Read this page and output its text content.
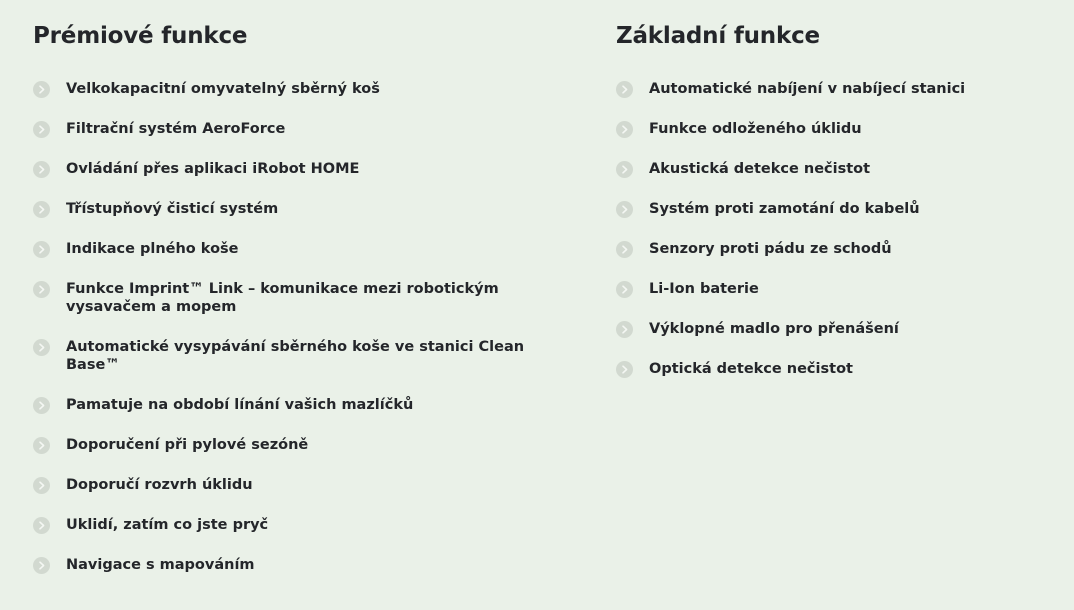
Prémiové funkce
Velkokapacitní omyvatelný sběrný koš
Filtrační systém AeroForce
Ovládání přes aplikaci iRobot HOME
Třístupňový čisticí systém
Indikace plného koše
Funkce Imprint™ Link – komunikace mezi robotickým vysavačem a mopem
Automatické vysypávání sběrného koše ve stanici Clean Base™
Pamatuje na období línání vašich mazlíčků
Doporučení při pylové sezóně
Doporučí rozvrh úklidu
Uklidí, zatím co jste pryč
Navigace s mapováním
Základní funkce
Automatické nabíjení v nabíjecí stanici
Funkce odloženého úklidu
Akustická detekce nečistot
Systém proti zamotání do kabelů
Senzory proti pádu ze schodů
Li-Ion baterie
Výklopné madlo pro přenášení
Optická detekce nečistot
